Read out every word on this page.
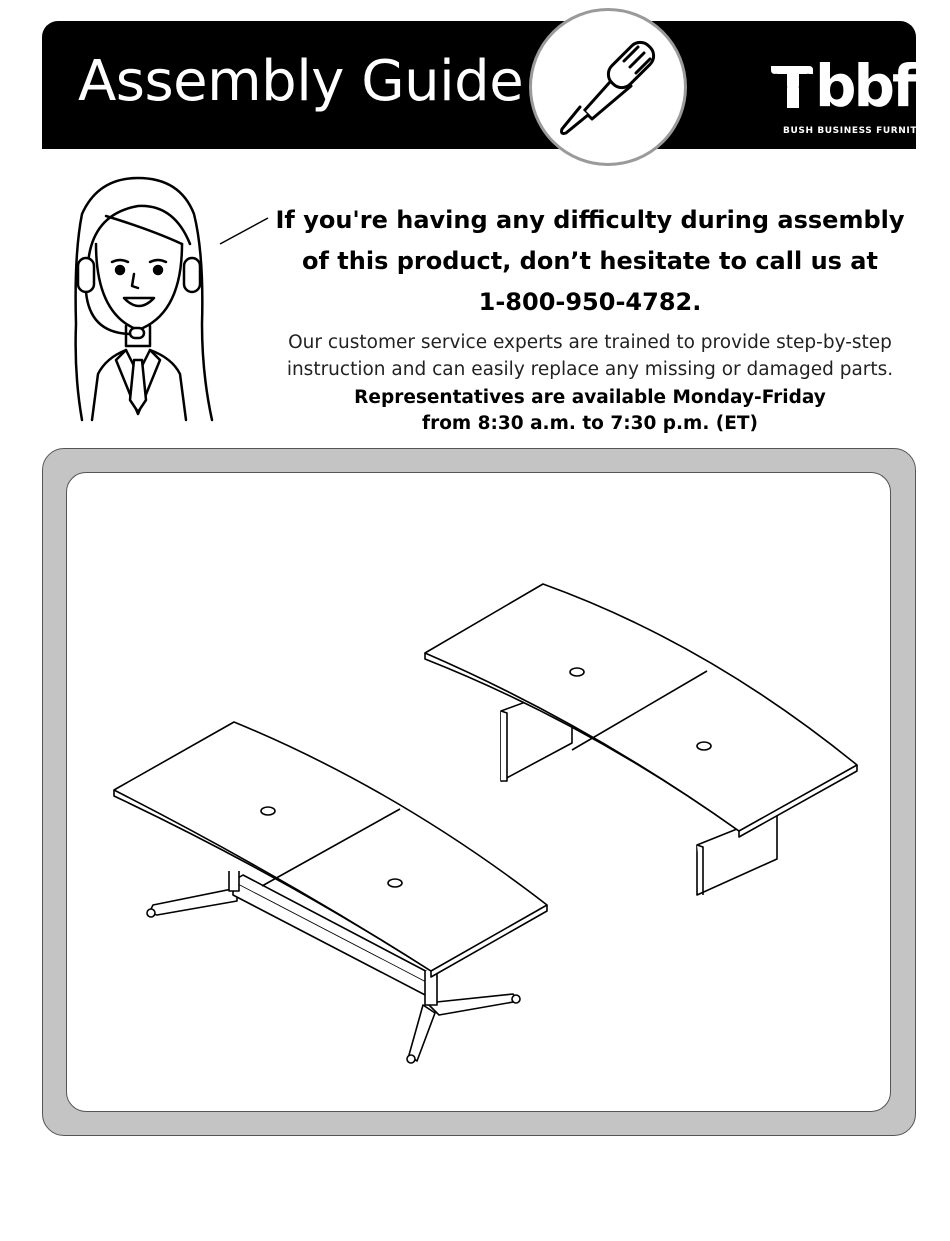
Assembly Guide	bbf
BUSH BUSINESS FURNITURE
If you're having any difficulty during assembly
of this product, don’t hesitate to call us at
1-800-950-4782.
Our customer service experts are trained to provide step-by-step
instruction and can easily replace any missing or damaged parts.
Representatives are available Monday-Friday
from 8:30 a.m. to 7:30 p.m. (ET)
